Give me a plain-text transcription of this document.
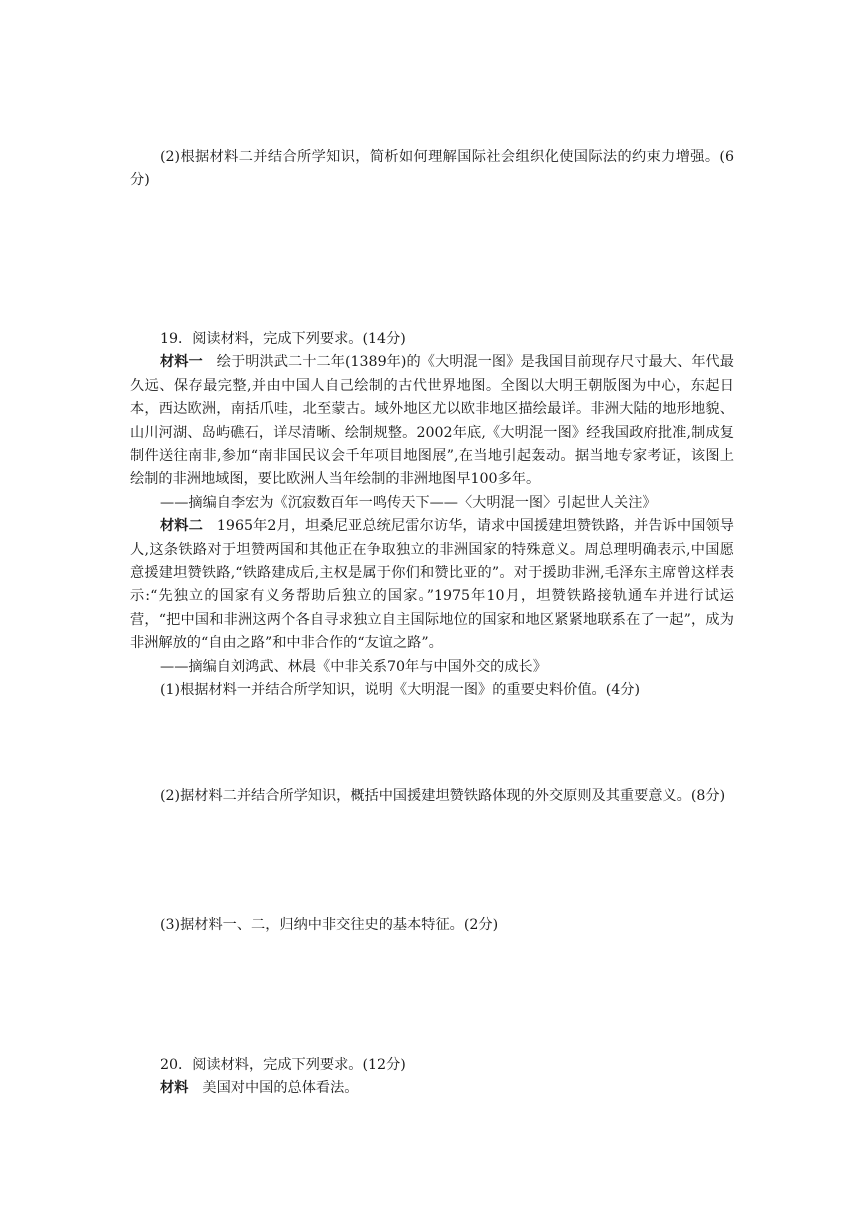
(2)根据材料二并结合所学知识，简析如何理解国际社会组织化使国际法的约束力增强。(6分)

19．阅读材料，完成下列要求。(14分)

材料一 绘于明洪武二十二年(1389年)的《大明混一图》是我国目前现存尺寸最大、年代最久远、保存最完整,并由中国人自己绘制的古代世界地图。全图以大明王朝版图为中心，东起日本，西达欧洲，南括爪哇，北至蒙古。域外地区尤以欧非地区描绘最详。非洲大陆的地形地貌、山川河湖、岛屿礁石，详尽清晰、绘制规整。2002年底,《大明混一图》经我国政府批准,制成复制件送往南非,参加“南非国民议会千年项目地图展”,在当地引起轰动。据当地专家考证，该图上绘制的非洲地域图，要比欧洲人当年绘制的非洲地图早100多年。

——摘编自李宏为《沉寂数百年一鸣传天下——〈大明混一图〉引起世人关注》

材料二 1965年2月，坦桑尼亚总统尼雷尔访华，请求中国援建坦赞铁路，并告诉中国领导人,这条铁路对于坦赞两国和其他正在争取独立的非洲国家的特殊意义。周总理明确表示,中国愿意援建坦赞铁路,“铁路建成后,主权是属于你们和赞比亚的”。对于援助非洲,毛泽东主席曾这样表示:“先独立的国家有义务帮助后独立的国家。”1975年10月，坦赞铁路接轨通车并进行试运营，“把中国和非洲这两个各自寻求独立自主国际地位的国家和地区紧紧地联系在了一起”，成为非洲解放的“自由之路”和中非合作的“友谊之路”。

——摘编自刘鸿武、林晨《中非关系70年与中国外交的成长》

(1)根据材料一并结合所学知识，说明《大明混一图》的重要史料价值。(4分)

(2)据材料二并结合所学知识，概括中国援建坦赞铁路体现的外交原则及其重要意义。(8分)

(3)据材料一、二，归纳中非交往史的基本特征。(2分)

20．阅读材料，完成下列要求。(12分)

材料 美国对中国的总体看法。
